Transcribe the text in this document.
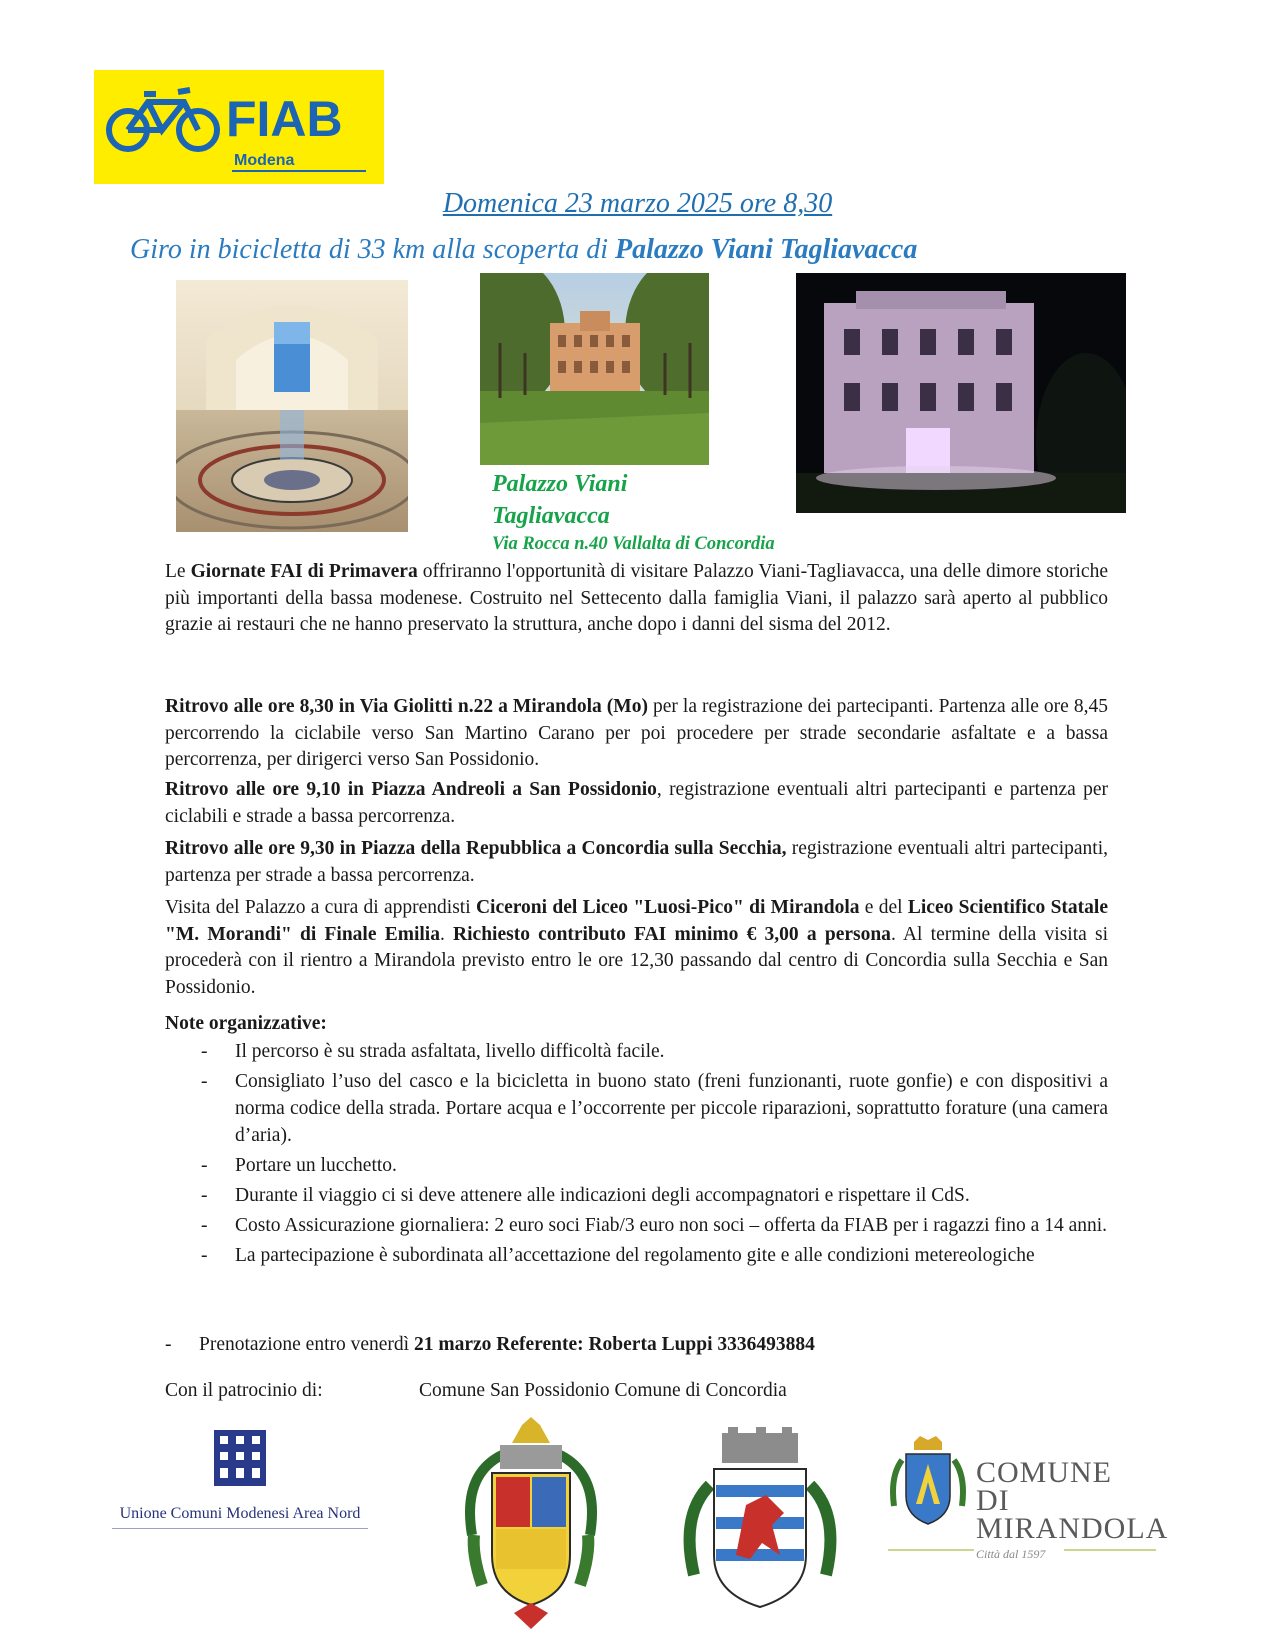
FIAB
Modena
Domenica 23 marzo 2025 ore 8,30
Giro in bicicletta di 33 km alla scoperta di Palazzo Viani Tagliavacca
Palazzo Viani
Tagliavacca
Via Rocca n.40 Vallalta di Concordia
Le Giornate FAI di Primavera offriranno l'opportunità di visitare Palazzo Viani-Tagliavacca, una delle dimore storiche più importanti della bassa modenese. Costruito nel Settecento dalla famiglia Viani, il palazzo sarà aperto al pubblico grazie ai restauri che ne hanno preservato la struttura, anche dopo i danni del sisma del 2012.
Ritrovo alle ore 8,30 in Via Giolitti n.22 a Mirandola (Mo) per la registrazione dei partecipanti. Partenza alle ore 8,45 percorrendo la ciclabile verso San Martino Carano per poi procedere per strade secondarie asfaltate e a bassa percorrenza, per dirigerci verso San Possidonio.
Ritrovo alle ore 9,10 in Piazza Andreoli a San Possidonio, registrazione eventuali altri partecipanti e partenza per ciclabili e strade a bassa percorrenza.
Ritrovo alle ore 9,30 in Piazza della Repubblica a Concordia sulla Secchia, registrazione eventuali altri partecipanti, partenza per strade a bassa percorrenza.
Visita del Palazzo a cura di apprendisti Ciceroni del Liceo "Luosi-Pico" di Mirandola e del Liceo Scientifico Statale "M. Morandi" di Finale Emilia. Richiesto contributo FAI minimo € 3,00 a persona. Al termine della visita si procederà con il rientro a Mirandola previsto entro le ore 12,30 passando dal centro di Concordia sulla Secchia e San Possidonio.
Note organizzative:
- Il percorso è su strada asfaltata, livello difficoltà facile.
- Consigliato l’uso del casco e la bicicletta in buono stato (freni funzionanti, ruote gonfie) e con dispositivi a norma codice della strada. Portare acqua e l’occorrente per piccole riparazioni, soprattutto forature (una camera d’aria).
- Portare un lucchetto.
- Durante il viaggio ci si deve attenere alle indicazioni degli accompagnatori e rispettare il CdS.
- Costo Assicurazione giornaliera: 2 euro soci Fiab/3 euro non soci – offerta da FIAB per i ragazzi fino a 14 anni.
- La partecipazione è subordinata all’accettazione del regolamento gite e alle condizioni metereologiche
- Prenotazione entro venerdì 21 marzo Referente: Roberta Luppi 3336493884
Con il patrocinio di:	Comune San Possidonio Comune di Concordia
Unione Comuni Modenesi Area Nord
COMUNE
DI
MIRANDOLA
Città dal 1597
